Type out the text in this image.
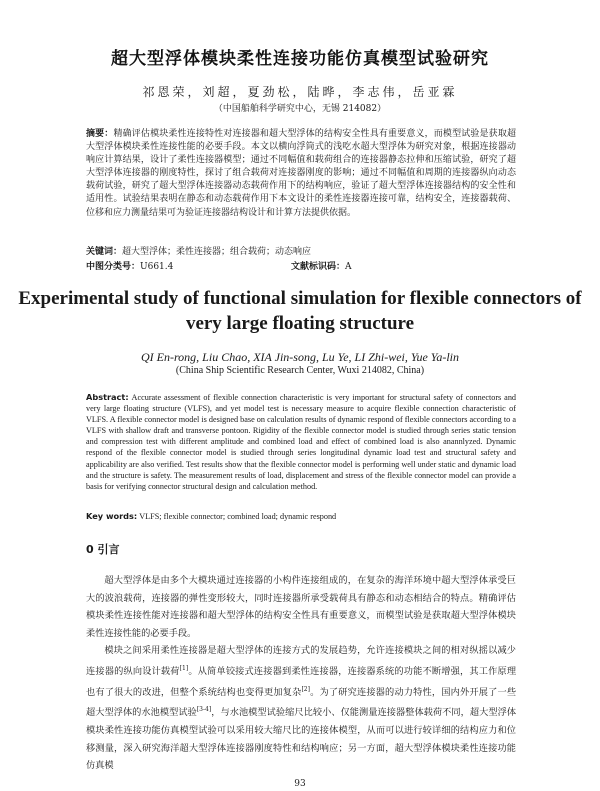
超大型浮体模块柔性连接功能仿真模型试验研究
祁恩荣，刘超，夏劲松，陆晔，李志伟，岳亚霖
（中国船舶科学研究中心，无锡 214082）
摘要：精确评估模块柔性连接特性对连接器和超大型浮体的结构安全性具有重要意义，而模型试验是获取超大型浮体模块柔性连接性能的必要手段。本文以横向浮筒式的浅吃水超大型浮体为研究对象，根据连接器动响应计算结果，设计了柔性连接器模型；通过不同幅值和载荷组合的连接器静态拉伸和压缩试验，研究了超大型浮体连接器的刚度特性，探讨了组合载荷对连接器刚度的影响；通过不同幅值和周期的连接器纵向动态载荷试验，研究了超大型浮体连接器动态载荷作用下的结构响应，验证了超大型浮体连接器结构的安全性和适用性。试验结果表明在静态和动态载荷作用下本文设计的柔性连接器连接可靠，结构安全，连接器载荷、位移和应力测量结果可为验证连接器结构设计和计算方法提供依据。
关键词：超大型浮体；柔性连接器；组合载荷；动态响应
中图分类号：U661.4	文献标识码：A
Experimental study of functional simulation for flexible connectors of very large floating structure
QI En-rong, Liu Chao, XIA Jin-song, Lu Ye, LI Zhi-wei, Yue Ya-lin
(China Ship Scientific Research Center, Wuxi 214082, China)
Abstract: Accurate assessment of flexible connection characteristic is very important for structural safety of connectors and very large floating structure (VLFS), and yet model test is necessary measure to acquire flexible connection characteristic of VLFS. A flexible connector model is designed base on calculation results of dynamic respond of flexible connectors according to a VLFS with shallow draft and transverse pontoon. Rigidity of the flexible connector model is studied through series static tension and compression test with different amplitude and combined load and effect of combined load is also anannlyzed. Dynamic respond of the flexible connector model is studied through series longitudinal dynamic load test and structural safety and applicability are also verified. Test results show that the flexible connector model is performing well under static and dynamic load and the structure is safety. The measurement results of load, displacement and stress of the flexible connector model can provide a basis for verifying connector structural design and calculation method.
Key words: VLFS; flexible connector; combined load; dynamic respond
0 引言

超大型浮体是由多个大模块通过连接器的小构件连接组成的，在复杂的海洋环境中超大型浮体承受巨大的波浪载荷，连接器的弹性变形较大，同时连接器所承受载荷具有静态和动态相结合的特点。精确评估模块柔性连接性能对连接器和超大型浮体的结构安全性具有重要意义，而模型试验是获取超大型浮体模块柔性连接性能的必要手段。

模块之间采用柔性连接器是超大型浮体的连接方式的发展趋势，允许连接模块之间的相对纵摇以减少连接器的纵向设计载荷[1]。从简单铰接式连接器到柔性连接器，连接器系统的功能不断增强，其工作原理也有了很大的改进，但整个系统结构也变得更加复杂[2]。为了研究连接器的动力特性，国内外开展了一些超大型浮体的水池模型试验[3-4]，与水池模型试验缩尺比较小、仅能测量连接器整体载荷不同，超大型浮体模块柔性连接功能仿真模型试验可以采用较大缩尺比的连接体模型，从而可以进行较详细的结构应力和位移测量，深入研究海洋超大型浮体连接器刚度特性和结构响应；另一方面，超大型浮体模块柔性连接功能仿真模

93
